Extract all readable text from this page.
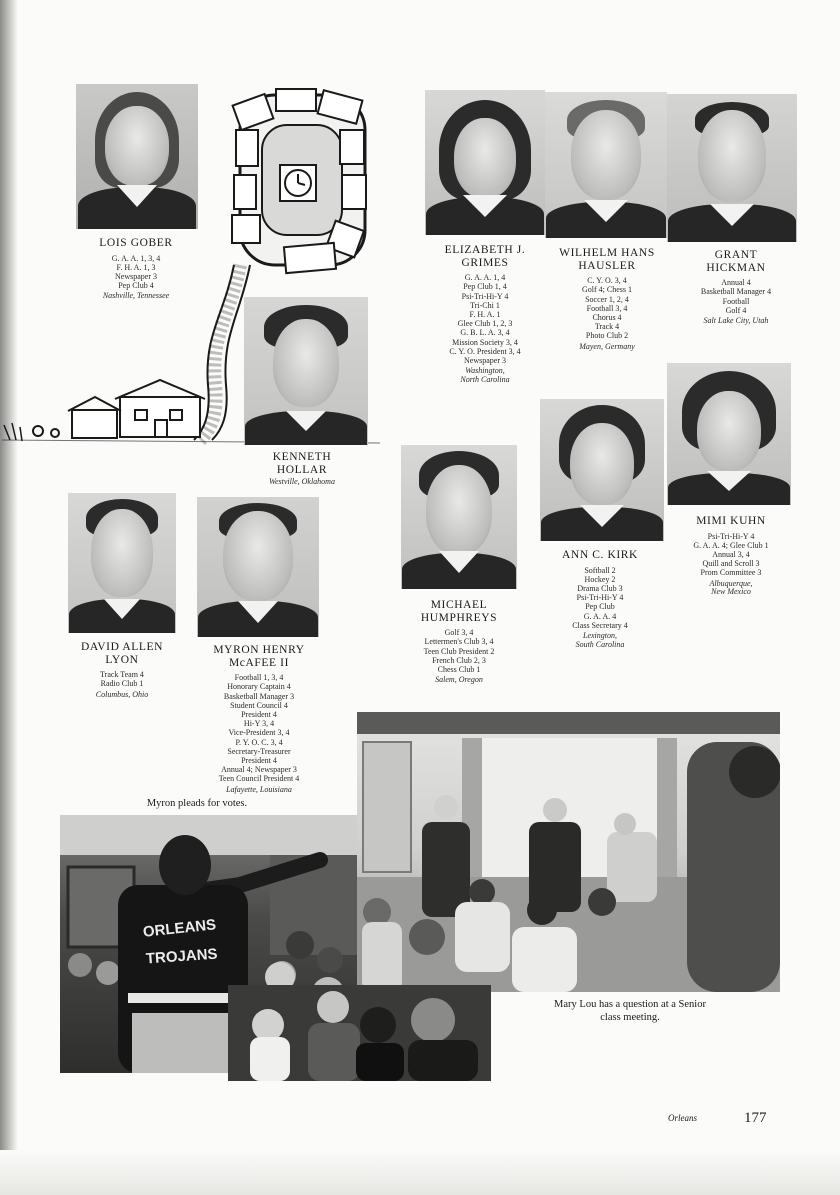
LOIS GOBER
G. A. A. 1, 3, 4
F. H. A. 1, 3
Newspaper 3
Pep Club 4
Nashville, Tennessee
ELIZABETH J.
GRIMES
G. A. A. 1, 4
Pep Club 1, 4
Psi-Tri-Hi-Y 4
Tri-Chi 1
F. H. A. 1
Glee Club 1, 2, 3
G. B. L. A. 3, 4
Mission Society 3, 4
C. Y. O. President 3, 4
Newspaper 3
Washington,
North Carolina
WILHELM HANS
HAUSLER
C. Y. O. 3, 4
Golf 4; Chess 1
Soccer 1, 2, 4
Football 3, 4
Chorus 4
Track 4
Photo Club 2
Mayen, Germany
GRANT
HICKMAN
Annual 4
Basketball Manager 4
Football
Golf 4
Salt Lake City, Utah
KENNETH
HOLLAR
Westville, Oklahoma
MIMI KUHN
Psi-Tri-Hi-Y 4
G. A. A. 4; Glee Club 1
Annual 3, 4
Quill and Scroll 3
Prom Committee 3
Albuquerque,
New Mexico
ANN C. KIRK
Softball 2
Hockey 2
Drama Club 3
Psi-Tri-Hi-Y 4
Pep Club
G. A. A. 4
Class Secretary 4
Lexington,
South Carolina
MICHAEL
HUMPHREYS
Golf 3, 4
Lettermen's Club 3, 4
Teen Club President 2
French Club 2, 3
Chess Club 1
Salem, Oregon
DAVID ALLEN
LYON
Track Team 4
Radio Club 1
Columbus, Ohio
MYRON HENRY
McAFEE II
Football 1, 3, 4
Honorary Captain 4
Basketball Manager 3
Student Council 4
President 4
Hi-Y 3, 4
Vice-President 3, 4
P. Y. O. C. 3, 4
Secretary-Treasurer
President 4
Annual 4; Newspaper 3
Teen Council President 4
Lafayette, Louisiana
Myron pleads for votes.
ORLEANS
TROJANS
Mary Lou has a question at a Senior
class meeting.
Orleans	177
